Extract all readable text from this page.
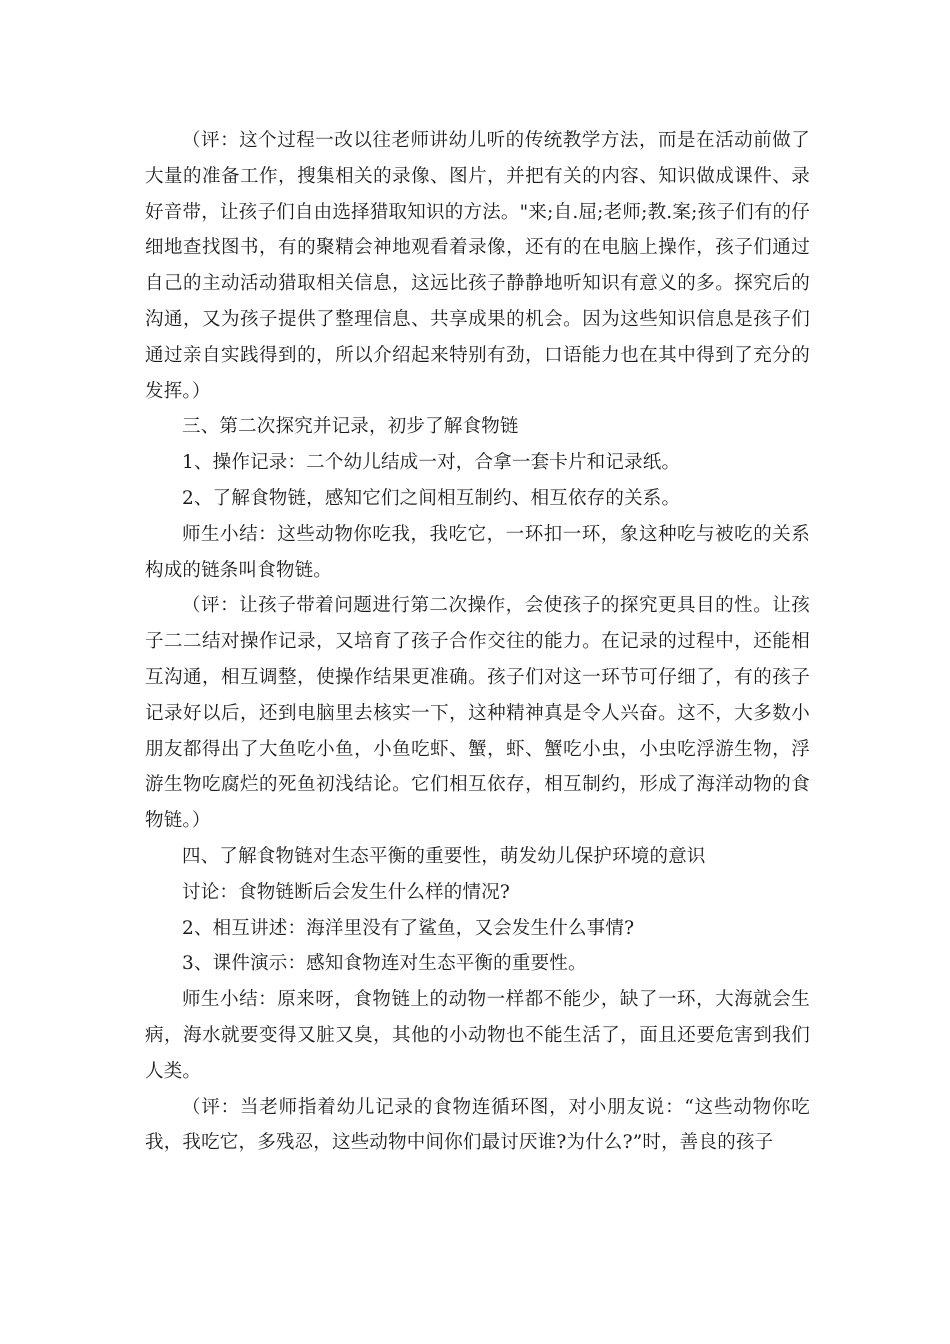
（评：这个过程一改以往老师讲幼儿听的传统教学方法，而是在活动前做了大量的准备工作，搜集相关的录像、图片，并把有关的内容、知识做成课件、录好音带，让孩子们自由选择猎取知识的方法。"来;自.屈;老师;教.案;孩子们有的仔细地查找图书，有的聚精会神地观看着录像，还有的在电脑上操作，孩子们通过自己的主动活动猎取相关信息，这远比孩子静静地听知识有意义的多。探究后的沟通，又为孩子提供了整理信息、共享成果的机会。因为这些知识信息是孩子们通过亲自实践得到的，所以介绍起来特别有劲，口语能力也在其中得到了充分的发挥。）

三、第二次探究并记录，初步了解食物链

1、操作记录：二个幼儿结成一对，合拿一套卡片和记录纸。

2、了解食物链，感知它们之间相互制约、相互依存的关系。

师生小结：这些动物你吃我，我吃它，一环扣一环，象这种吃与被吃的关系构成的链条叫食物链。

（评：让孩子带着问题进行第二次操作，会使孩子的探究更具目的性。让孩子二二结对操作记录，又培育了孩子合作交往的能力。在记录的过程中，还能相互沟通，相互调整，使操作结果更准确。孩子们对这一环节可仔细了，有的孩子记录好以后，还到电脑里去核实一下，这种精神真是令人兴奋。这不，大多数小朋友都得出了大鱼吃小鱼，小鱼吃虾、蟹，虾、蟹吃小虫，小虫吃浮游生物，浮游生物吃腐烂的死鱼初浅结论。它们相互依存，相互制约，形成了海洋动物的食物链。）

四、了解食物链对生态平衡的重要性，萌发幼儿保护环境的意识

讨论：食物链断后会发生什么样的情况?

2、相互讲述：海洋里没有了鲨鱼，又会发生什么事情?

3、课件演示：感知食物连对生态平衡的重要性。

师生小结：原来呀，食物链上的动物一样都不能少，缺了一环，大海就会生病，海水就要变得又脏又臭，其他的小动物也不能生活了，面且还要危害到我们人类。

（评：当老师指着幼儿记录的食物连循环图，对小朋友说：“这些动物你吃我，我吃它，多残忍，这些动物中间你们最讨厌谁?为什么?”时，善良的孩子
